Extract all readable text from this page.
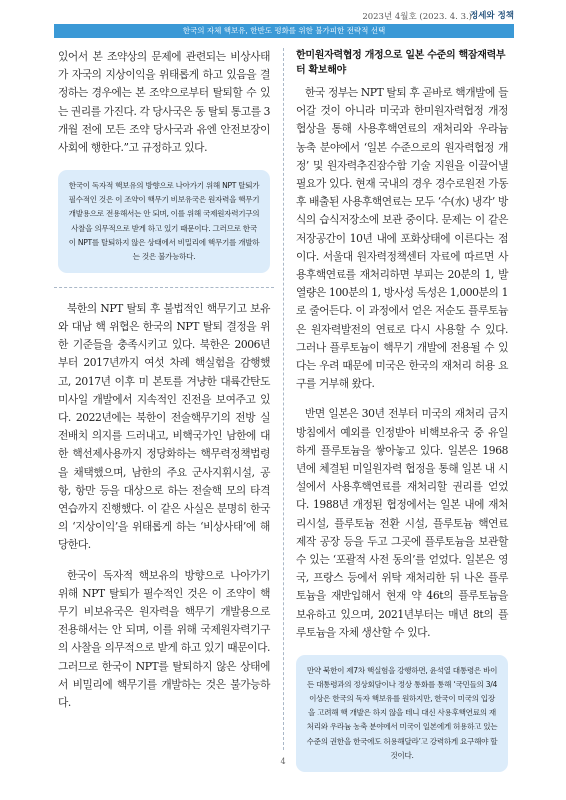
2023년 4월호 (2023. 4. 3.)
정세와 정책
한국의 자체 핵보유, 한반도 평화를 위한 불가피한 전략적 선택

있어서 본 조약상의 문제에 관련되는 비상사태가 자국의 지상이익을 위태롭게 하고 있음을 결정하는 경우에는 본 조약으로부터 탈퇴할 수 있는 권리를 가진다. 각 당사국은 동 탈퇴 통고를 3개월 전에 모든 조약 당사국과 유엔 안전보장이사회에 행한다.”고 규정하고 있다.

한국이 독자적 핵보유의 방향으로 나아가기 위해 NPT 탈퇴가 필수적인 것은 이 조약이 핵무기 비보유국은 원자력을 핵무기 개발용으로 전용해서는 안 되며, 이를 위해 국제원자력기구의 사찰을 의무적으로 받게 하고 있기 때문이다. 그러므로 한국이 NPT를 탈퇴하지 않은 상태에서 비밀리에 핵무기를 개발하는 것은 불가능하다.

북한의 NPT 탈퇴 후 불법적인 핵무기고 보유와 대남 핵 위협은 한국의 NPT 탈퇴 결정을 위한 기준들을 충족시키고 있다. 북한은 2006년부터 2017년까지 여섯 차례 핵실험을 감행했고, 2017년 이후 미 본토를 겨냥한 대륙간탄도미사일 개발에서 지속적인 진전을 보여주고 있다. 2022년에는 북한이 전술핵무기의 전방 실전배치 의지를 드러내고, 비핵국가인 남한에 대한 핵선제사용까지 정당화하는 핵무력정책법령을 채택했으며, 남한의 주요 군사지휘시설, 공항, 항만 등을 대상으로 하는 전술핵 모의 타격 연습까지 진행했다. 이 같은 사실은 분명히 한국의 ‘지상이익’을 위태롭게 하는 ‘비상사태’에 해당한다.

한국이 독자적 핵보유의 방향으로 나아가기 위해 NPT 탈퇴가 필수적인 것은 이 조약이 핵무기 비보유국은 원자력을 핵무기 개발용으로 전용해서는 안 되며, 이를 위해 국제원자력기구의 사찰을 의무적으로 받게 하고 있기 때문이다. 그러므로 한국이 NPT를 탈퇴하지 않은 상태에서 비밀리에 핵무기를 개발하는 것은 불가능하다.

한미원자력협정 개정으로 일본 수준의 핵잠재력부터 확보해야

한국 정부는 NPT 탈퇴 후 곧바로 핵개발에 들어갈 것이 아니라 미국과 한미원자력협정 개정협상을 통해 사용후핵연료의 재처리와 우라늄 농축 분야에서 ‘일본 수준으로의 원자력협정 개정’ 및 원자력추진잠수함 기술 지원을 이끌어낼 필요가 있다. 현재 국내의 경우 경수로원전 가동 후 배출된 사용후핵연료는 모두 ‘수(水) 냉각’ 방식의 습식저장소에 보관 중이다. 문제는 이 같은 저장공간이 10년 내에 포화상태에 이른다는 점이다. 서울대 원자력정책센터 자료에 따르면 사용후핵연료를 재처리하면 부피는 20분의 1, 발열량은 100분의 1, 방사성 독성은 1,000분의 1로 줄어든다. 이 과정에서 얻은 저순도 플루토늄은 원자력발전의 연료로 다시 사용할 수 있다. 그러나 플루토늄이 핵무기 개발에 전용될 수 있다는 우려 때문에 미국은 한국의 재처리 허용 요구를 거부해 왔다.

반면 일본은 30년 전부터 미국의 재처리 금지 방침에서 예외를 인정받아 비핵보유국 중 유일하게 플루토늄을 쌓아놓고 있다. 일본은 1968년에 체결된 미일원자력 협정을 통해 일본 내 시설에서 사용후핵연료를 재처리할 권리를 얻었다. 1988년 개정된 협정에서는 일본 내에 재처리시설, 플루토늄 전환 시설, 플루토늄 핵연료 제작 공장 등을 두고 그곳에 플루토늄을 보관할 수 있는 ‘포괄적 사전 동의’를 얻었다. 일본은 영국, 프랑스 등에서 위탁 재처리한 뒤 나온 플루토늄을 재반입해서 현재 약 46t의 플루토늄을 보유하고 있으며, 2021년부터는 매년 8t의 플루토늄을 자체 생산할 수 있다.

만약 북한이 제7차 핵실험을 강행하면, 윤석열 대통령은 바이든 대통령과의 정상회담이나 정상 통화를 통해 ‘국민들의 3/4 이상은 한국의 독자 핵보유를 원하지만, 한국이 미국의 입장을 고려해 핵 개발은 하지 않을 테니 대신 사용후핵연료의 재처리와 우라늄 농축 분야에서 미국이 일본에게 허용하고 있는 수준의 권한을 한국에도 허용해달라’고 강력하게 요구해야 할 것이다.
4
